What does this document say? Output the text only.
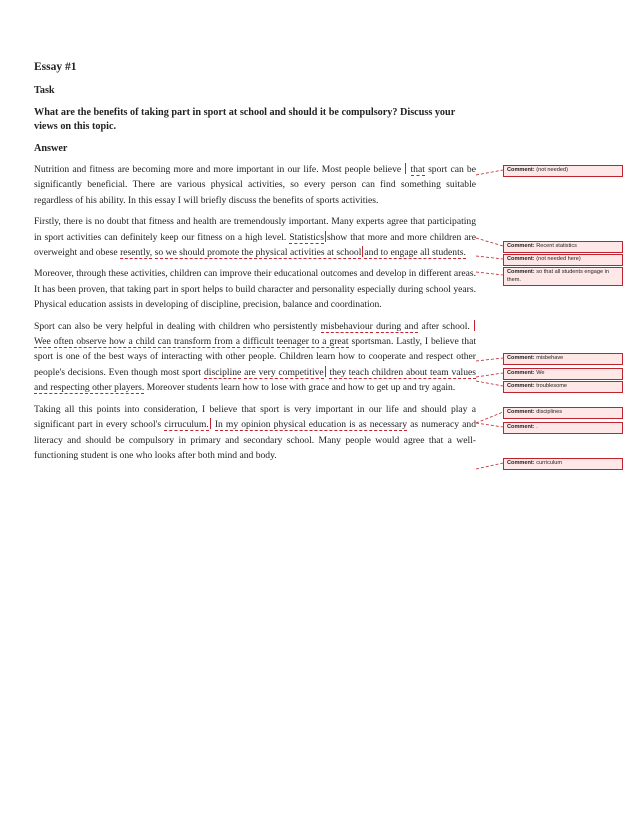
Essay #1

Task

What are the benefits of taking part in sport at school and should it be compulsory? Discuss your views on this topic.

Answer

Nutrition and fitness are becoming more and more important in our life. Most people believe that sport can be significantly beneficial. There are various physical activities, so every person can find something suitable regardless of his ability. In this essay I will briefly discuss the benefits of sports activities.

Firstly, there is no doubt that fitness and health are tremendously important. Many experts agree that participating in sport activities can definitely keep our fitness on a high level. Statistics show that more and more children are overweight and obese resently, so we should promote the physical activities at school and to engage all students.

Moreover, through these activities, children can improve their educational outcomes and develop in different areas. It has been proven, that taking part in sport helps to build character and personality especially during school years. Physical education assists in developing of discipline, precision, balance and coordination.

Sport can also be very helpful in dealing with children who persistently misbehaviour during and after school. Wee often observe how a child can transform from a difficult teenager to a great sportsman. Lastly, I believe that sport is one of the best ways of interacting with other people. Children learn how to cooperate and respect other people's decisions. Even though most sport discipline are very competitive they teach children about team values and respecting other players. Moreover students learn how to lose with grace and how to get up and try again.

Taking all this points into consideration, I believe that sport is very important in our life and should play a significant part in every school's cirruculum. In my opinion physical education is as necessary as numeracy and literacy and should be compulsory in primary and secondary school. Many people would agree that a well- functioning student is one who looks after both mind and body.

Comment: (not needed)
Comment: Recent statistics
Comment: (not needed here)
Comment: so that all students engage in them.
Comment: misbehave
Comment: We
Comment: troublesome
Comment: disciplines
Comment: .
Comment: curriculum
